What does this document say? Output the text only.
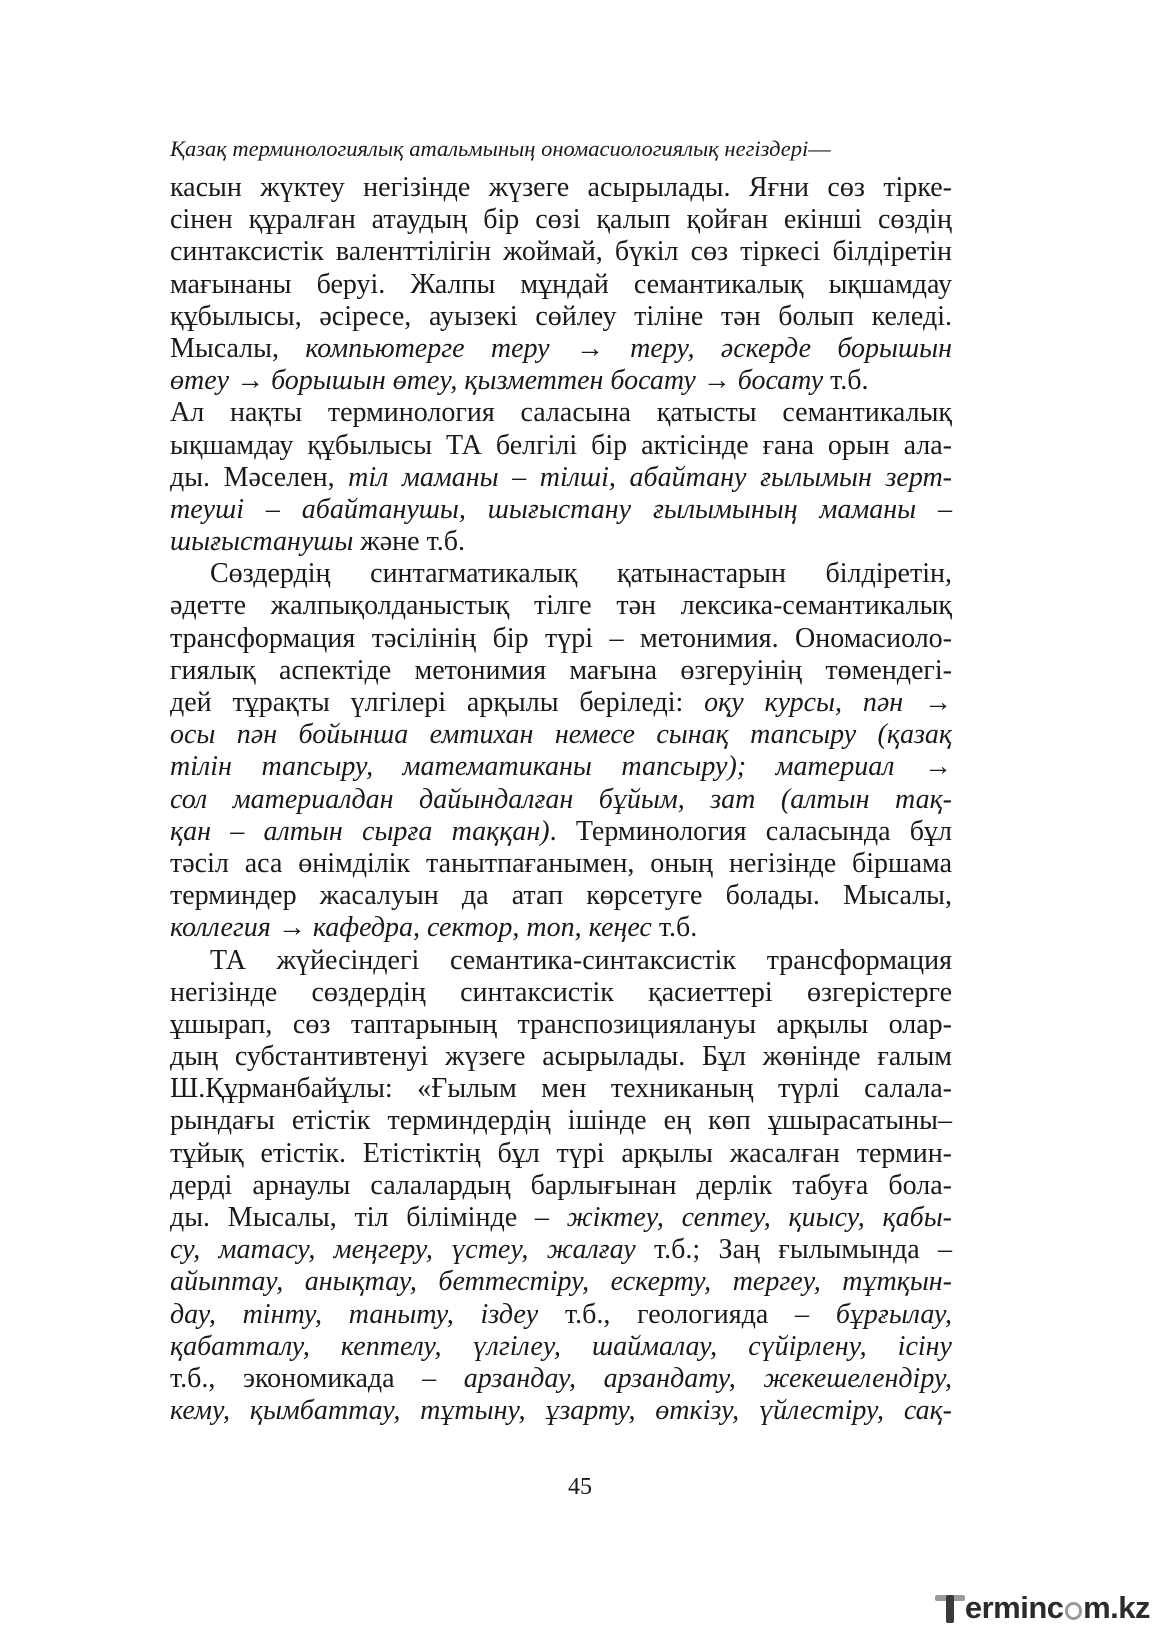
Қазақ терминологиялық атальмының ономасиологиялық негіздері—
касын жүктеу негізінде жүзеге асырылады. Яғни сөз тірке-
сінен құралған атаудың бір сөзі қалып қойған екінші сөздің
синтаксистік валенттілігін жоймай, бүкіл сөз тіркесі білдіретін
мағынаны беруі. Жалпы мұндай семантикалық ықшамдау
құбылысы, әсіресе, ауызекі сөйлеу тіліне тән болып келеді.
Мысалы, компьютерге теру → теру, әскерде борышын
өтеу → борышын өтеу, қызметтен босату → босату т.б.
Ал нақты терминология саласына қатысты семантикалық
ықшамдау құбылысы ТА белгілі бір актісінде ғана орын ала-
ды. Мәселен, тіл маманы – тілші, абайтану ғылымын зерт-
теуші – абайтанушы, шығыстану ғылымының маманы –
шығыстанушы және т.б.
Сөздердің синтагматикалық қатынастарын білдіретін,
әдетте жалпықолданыстық тілге тән лексика-семантикалық
трансформация тәсілінің бір түрі – метонимия. Ономасиоло-
гиялық аспектіде метонимия мағына өзгеруінің төмендегі-
дей тұрақты үлгілері арқылы беріледі: оқу курсы, пән →
осы пән бойынша емтихан немесе сынақ тапсыру (қазақ
тілін тапсыру, математиканы тапсыру); материал →
сол материалдан дайындалған бұйым, зат (алтын тақ-
қан – алтын сырға таққан). Терминология саласында бұл
тәсіл аса өнімділік танытпағанымен, оның негізінде біршама
терминдер жасалуын да атап көрсетуге болады. Мысалы,
коллегия → кафедра, сектор, топ, кеңес т.б.
ТА жүйесіндегі семантика-синтаксистік трансформация
негізінде сөздердің синтаксистік қасиеттері өзгерістерге
ұшырап, сөз таптарының транспозициялануы арқылы олар-
дың субстантивтенуі жүзеге асырылады. Бұл жөнінде ғалым
Ш.Құрманбайұлы: «Ғылым мен техниканың түрлі салала-
рындағы етістік терминдердің ішінде ең көп ұшырасатыны–
тұйық етістік. Етістіктің бұл түрі арқылы жасалған термин-
дерді арнаулы салалардың барлығынан дерлік табуға бола-
ды. Мысалы, тіл білімінде – жіктеу, септеу, қиысу, қабы-
су, матасу, меңгеру, үстеу, жалғау т.б.; Заң ғылымында –
айыптау, анықтау, беттестіру, ескерту, тергеу, тұтқын-
дау, тінту, таныту, іздеу т.б., геологияда – бұрғылау,
қабатталу, кептелу, үлгілеу, шаймалау, сүйірлену, ісіну
т.б., экономикада – арзандау, арзандату, жекешелендіру,
кему, қымбаттау, тұтыну, ұзарту, өткізу, үйлестіру, сақ-
45
erminc m.kz
